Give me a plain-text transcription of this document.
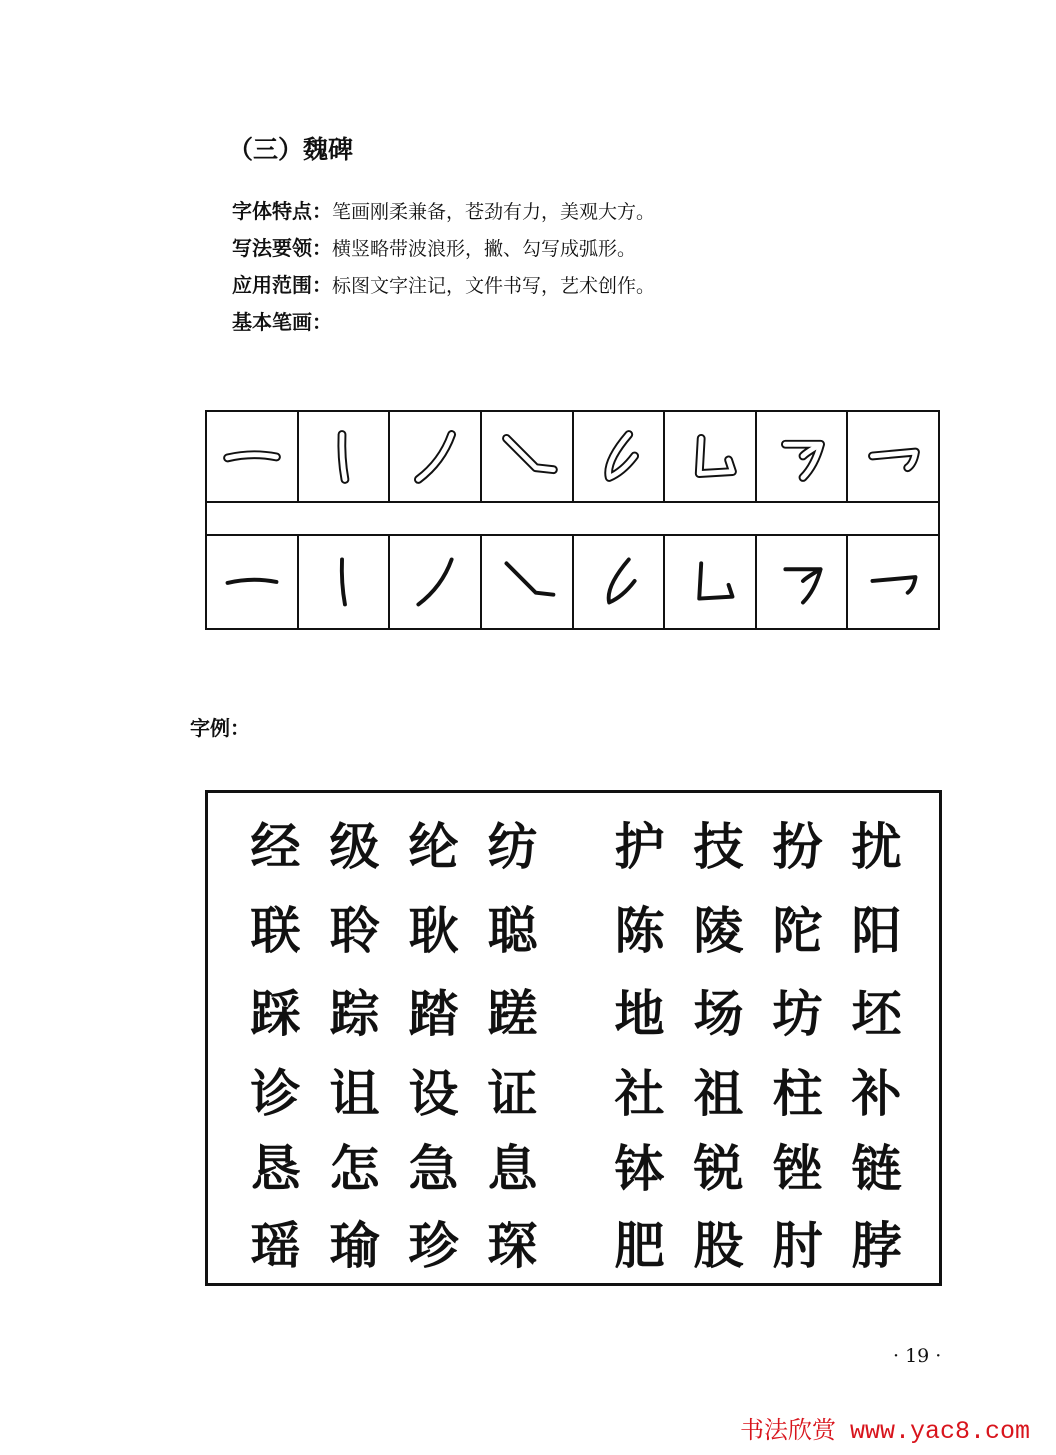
（三）魏碑
字体特点：笔画刚柔兼备，苍劲有力，美观大方。
写法要领：横竖略带波浪形，撇、勾写成弧形。
应用范围：标图文字注记，文件书写，艺术创作。
基本笔画：
字例：
经 级 纶 纺 护 技 扮 扰
联 聆 耿 聪 陈 陵 陀 阳
踩 踪 踏 蹉 地 场 坊 坯
诊 诅 设 证 社 祖 柱 补
恳 怎 急 息 钵 锐 锉 链
瑶 瑜 珍 琛 肥 股 肘 脖
· 19 ·
书法欣赏 www.yac8.com
